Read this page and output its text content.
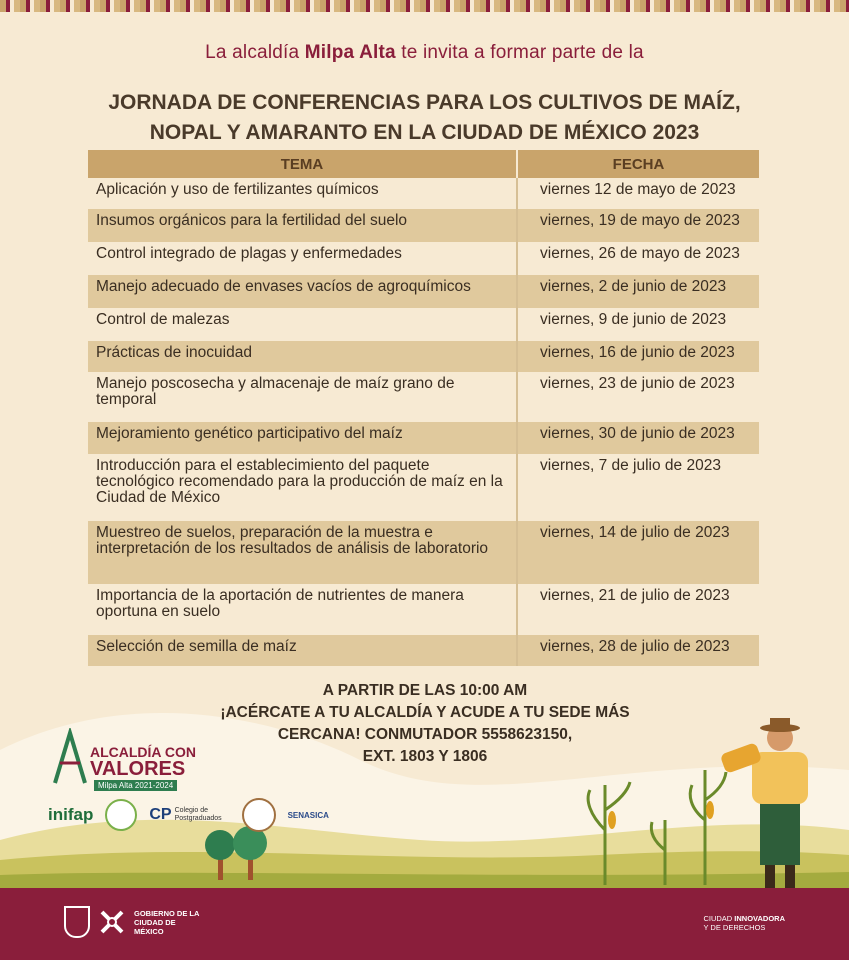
La alcaldía Milpa Alta te invita a formar parte de la
JORNADA DE CONFERENCIAS PARA LOS CULTIVOS DE MAÍZ,
NOPAL Y AMARANTO EN LA CIUDAD DE MÉXICO 2023
TEMA	FECHA
Aplicación y uso de fertilizantes químicos	viernes 12 de mayo de 2023
Insumos orgánicos para la fertilidad del suelo	viernes, 19 de mayo de 2023
Control integrado de plagas y enfermedades	viernes, 26 de mayo de 2023
Manejo adecuado de envases vacíos de agroquímicos	viernes, 2 de junio de 2023
Control de malezas	viernes, 9 de junio de 2023
Prácticas de inocuidad	viernes, 16 de junio de 2023
Manejo poscosecha y almacenaje de maíz grano de temporal	viernes, 23 de junio de 2023
Mejoramiento genético participativo del maíz	viernes, 30 de junio de 2023
Introducción para el establecimiento del paquete tecnológico recomendado para la producción de maíz en la Ciudad de México	viernes, 7 de julio de 2023
Muestreo de suelos, preparación de la muestra e interpretación de los resultados de análisis de laboratorio	viernes, 14 de julio de 2023
Importancia de la aportación de nutrientes de manera oportuna en suelo	viernes, 21 de julio de 2023
Selección de semilla de maíz	viernes, 28 de julio de 2023
A PARTIR DE LAS 10:00 AM
¡ACÉRCATE A TU ALCALDÍA Y ACUDE A TU SEDE MÁS
CERCANA! CONMUTADOR 5558623150,
EXT. 1803 Y 1806
ALCALDÍA CON
VALORES
Milpa Alta 2021-2024
inifap	CP Colegio de Postgraduados	SENASICA
GOBIERNO DE LA CIUDAD DE MÉXICO
CIUDAD INNOVADORA
Y DE DERECHOS
